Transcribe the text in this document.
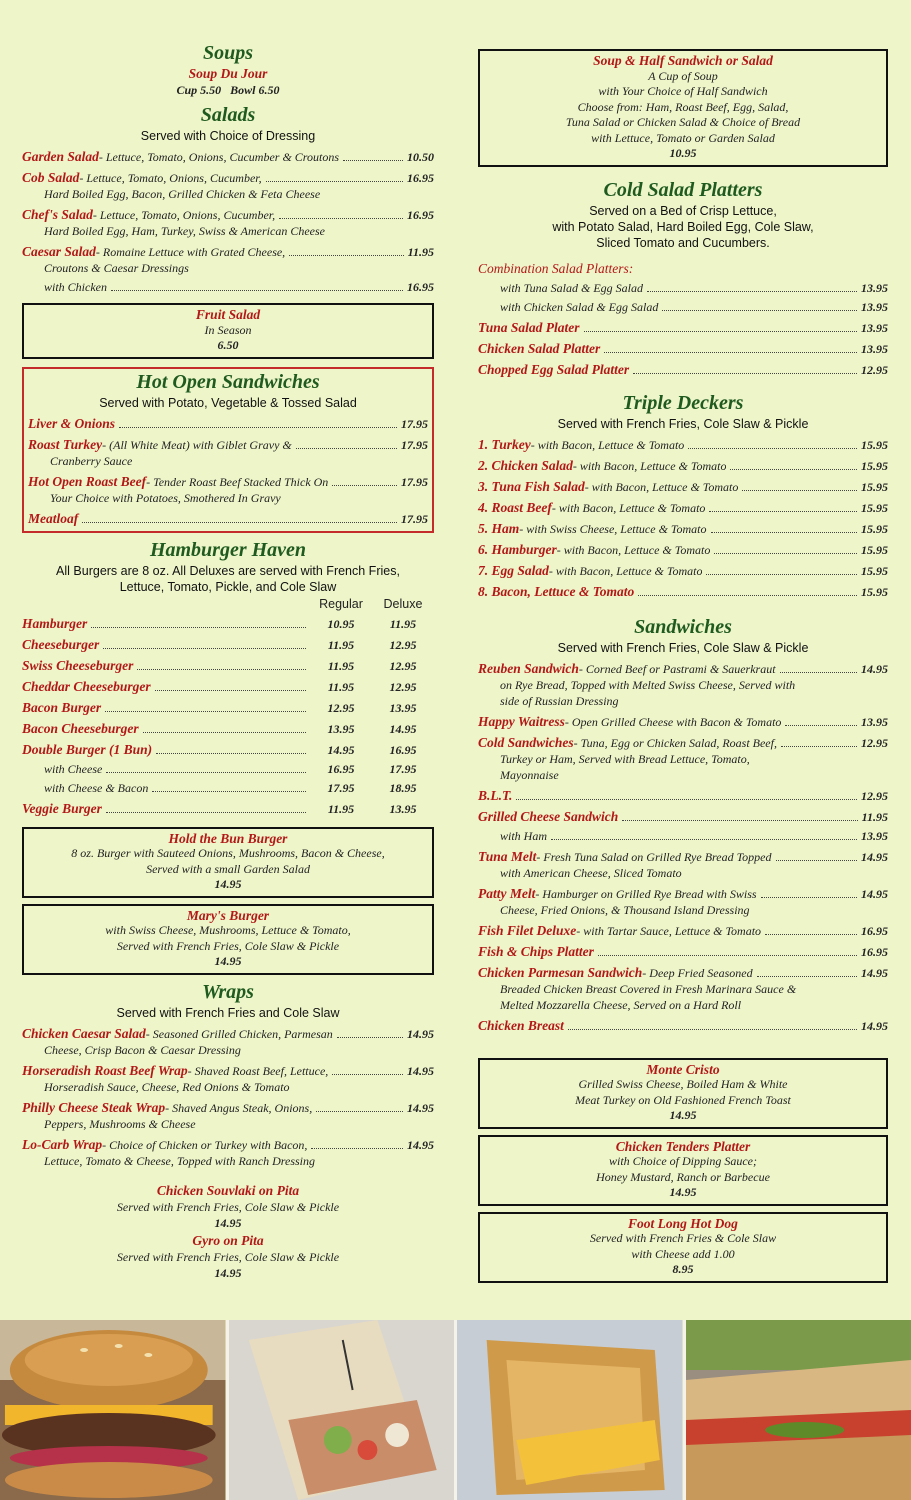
Soups
Soup Du Jour
Cup 5.50   Bowl 6.50
Salads
Served with Choice of Dressing
Garden Salad - Lettuce, Tomato, Onions, Cucumber & Croutons	10.50
Cob Salad - Lettuce, Tomato, Onions, Cucumber,	16.95
Hard Boiled Egg, Bacon, Grilled Chicken & Feta Cheese
Chef's Salad - Lettuce, Tomato, Onions, Cucumber,	16.95
Hard Boiled Egg, Ham, Turkey, Swiss & American Cheese
Caesar Salad - Romaine Lettuce with Grated Cheese,	11.95
Croutons & Caesar Dressings
with Chicken	16.95
Fruit Salad
In Season
6.50
Hot Open Sandwiches
Served with Potato, Vegetable & Tossed Salad
Liver & Onions	17.95
Roast Turkey - (All White Meat) with Giblet Gravy &	17.95
Cranberry Sauce
Hot Open Roast Beef - Tender Roast Beef Stacked Thick On	17.95
Your Choice with Potatoes, Smothered In Gravy
Meatloaf	17.95
Hamburger Haven
All Burgers are 8 oz. All Deluxes are served with French Fries,
Lettuce, Tomato, Pickle, and Cole Slaw
Regular	Deluxe
Hamburger	10.95	11.95
Cheeseburger	11.95	12.95
Swiss Cheeseburger	11.95	12.95
Cheddar Cheeseburger	11.95	12.95
Bacon Burger	12.95	13.95
Bacon Cheeseburger	13.95	14.95
Double Burger (1 Bun)	14.95	16.95
with Cheese	16.95	17.95
with Cheese & Bacon	17.95	18.95
Veggie Burger	11.95	13.95
Hold the Bun Burger
8 oz. Burger with Sauteed Onions, Mushrooms, Bacon & Cheese,
Served with a small Garden Salad
14.95
Mary's Burger
with Swiss Cheese, Mushrooms, Lettuce & Tomato,
Served with French Fries, Cole Slaw & Pickle
14.95
Wraps
Served with French Fries and Cole Slaw
Chicken Caesar Salad - Seasoned Grilled Chicken, Parmesan	14.95
Cheese, Crisp Bacon & Caesar Dressing
Horseradish Roast Beef Wrap - Shaved Roast Beef, Lettuce,	14.95
Horseradish Sauce, Cheese, Red Onions & Tomato
Philly Cheese Steak Wrap - Shaved Angus Steak, Onions,	14.95
Peppers, Mushrooms & Cheese
Lo-Carb Wrap - Choice of Chicken or Turkey with Bacon,	14.95
Lettuce, Tomato & Cheese, Topped with Ranch Dressing
Chicken Souvlaki on Pita
Served with French Fries, Cole Slaw & Pickle
14.95
Gyro on Pita
Served with French Fries, Cole Slaw & Pickle
14.95
Soup & Half Sandwich or Salad
A Cup of Soup
with Your Choice of Half Sandwich
Choose from: Ham, Roast Beef, Egg, Salad,
Tuna Salad or Chicken Salad & Choice of Bread
with Lettuce, Tomato or Garden Salad
10.95
Cold Salad Platters
Served on a Bed of Crisp Lettuce,
with Potato Salad, Hard Boiled Egg, Cole Slaw,
Sliced Tomato and Cucumbers.
Combination Salad Platters:
with Tuna Salad & Egg Salad	13.95
with Chicken Salad & Egg Salad	13.95
Tuna Salad Plater	13.95
Chicken Salad Platter	13.95
Chopped Egg Salad Platter	12.95
Triple Deckers
Served with French Fries, Cole Slaw & Pickle
1. Turkey - with Bacon, Lettuce & Tomato	15.95
2. Chicken Salad - with Bacon, Lettuce & Tomato	15.95
3. Tuna Fish Salad - with Bacon, Lettuce & Tomato	15.95
4. Roast Beef - with Bacon, Lettuce & Tomato	15.95
5. Ham - with Swiss Cheese, Lettuce & Tomato	15.95
6. Hamburger - with Bacon, Lettuce & Tomato	15.95
7. Egg Salad - with Bacon, Lettuce & Tomato	15.95
8. Bacon, Lettuce & Tomato	15.95
Sandwiches
Served with French Fries, Cole Slaw & Pickle
Reuben Sandwich - Corned Beef or Pastrami & Sauerkraut	14.95
on Rye Bread, Topped with Melted Swiss Cheese, Served with
side of Russian Dressing
Happy Waitress - Open Grilled Cheese with Bacon & Tomato	13.95
Cold Sandwiches - Tuna, Egg or Chicken Salad, Roast Beef,	12.95
Turkey or Ham, Served with Bread Lettuce, Tomato,
Mayonnaise
B.L.T.	12.95
Grilled Cheese Sandwich	11.95
with Ham	13.95
Tuna Melt - Fresh Tuna Salad on Grilled Rye Bread Topped	14.95
with American Cheese, Sliced Tomato
Patty Melt - Hamburger on Grilled Rye Bread with Swiss	14.95
Cheese, Fried Onions, & Thousand Island Dressing
Fish Filet Deluxe - with Tartar Sauce, Lettuce & Tomato	16.95
Fish & Chips Platter	16.95
Chicken Parmesan Sandwich - Deep Fried Seasoned	14.95
Breaded Chicken Breast Covered in Fresh Marinara Sauce &
Melted Mozzarella Cheese, Served on a Hard Roll
Chicken Breast	14.95
Monte Cristo
Grilled Swiss Cheese, Boiled Ham & White
Meat Turkey on Old Fashioned French Toast
14.95
Chicken Tenders Platter
with Choice of Dipping Sauce;
Honey Mustard, Ranch or Barbecue
14.95
Foot Long Hot Dog
Served with French Fries & Cole Slaw
with Cheese add 1.00
8.95
